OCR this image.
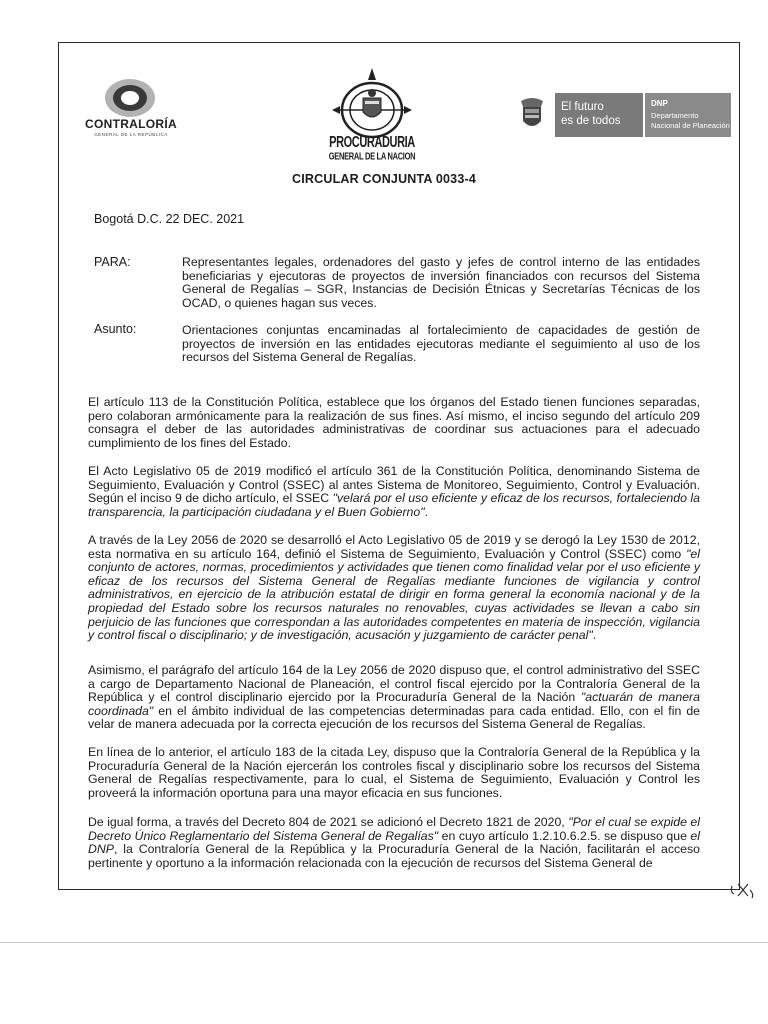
CONTRALORÍA
GENERAL DE LA REPÚBLICA
PROCURADURIA
GENERAL DE LA NACION
El futuro
es de todos
DNP
Departamento
Nacional de Planeación
CIRCULAR CONJUNTA 0033-4
Bogotá D.C. 22 DEC. 2021
PARA:	Representantes legales, ordenadores del gasto y jefes de control interno de las entidades beneficiarias y ejecutoras de proyectos de inversión financiados con recursos del Sistema General de Regalías – SGR, Instancias de Decisión Étnicas y Secretarías Técnicas de los OCAD, o quienes hagan sus veces.
Asunto:	Orientaciones conjuntas encaminadas al fortalecimiento de capacidades de gestión de proyectos de inversión en las entidades ejecutoras mediante el seguimiento al uso de los recursos del Sistema General de Regalías.
El artículo 113 de la Constitución Política, establece que los órganos del Estado tienen funciones separadas, pero colaboran armónicamente para la realización de sus fines. Así mismo, el inciso segundo del artículo 209 consagra el deber de las autoridades administrativas de coordinar sus actuaciones para el adecuado cumplimiento de los fines del Estado.
El Acto Legislativo 05 de 2019 modificó el artículo 361 de la Constitución Política, denominando Sistema de Seguimiento, Evaluación y Control (SSEC) al antes Sistema de Monitoreo, Seguimiento, Control y Evaluación. Según el inciso 9 de dicho artículo, el SSEC "velará por el uso eficiente y eficaz de los recursos, fortaleciendo la transparencia, la participación ciudadana y el Buen Gobierno".
A través de la Ley 2056 de 2020 se desarrolló el Acto Legislativo 05 de 2019 y se derogó la Ley 1530 de 2012, esta normativa en su artículo 164, definió el Sistema de Seguimiento, Evaluación y Control (SSEC) como "el conjunto de actores, normas, procedimientos y actividades que tienen como finalidad velar por el uso eficiente y eficaz de los recursos del Sistema General de Regalías mediante funciones de vigilancia y control administrativos, en ejercicio de la atribución estatal de dirigir en forma general la economía nacional y de la propiedad del Estado sobre los recursos naturales no renovables, cuyas actividades se llevan a cabo sin perjuicio de las funciones que correspondan a las autoridades competentes en materia de inspección, vigilancia y control fiscal o disciplinario; y de investigación, acusación y juzgamiento de carácter penal".
Asimismo, el parágrafo del artículo 164 de la Ley 2056 de 2020 dispuso que, el control administrativo del SSEC a cargo de Departamento Nacional de Planeación, el control fiscal ejercido por la Contraloría General de la República y el control disciplinario ejercido por la Procuraduría General de la Nación "actuarán de manera coordinada" en el ámbito individual de las competencias determinadas para cada entidad. Ello, con el fin de velar de manera adecuada por la correcta ejecución de los recursos del Sistema General de Regalías.
En línea de lo anterior, el artículo 183 de la citada Ley, dispuso que la Contraloría General de la República y la Procuraduría General de la Nación ejercerán los controles fiscal y disciplinario sobre los recursos del Sistema General de Regalías respectivamente, para lo cual, el Sistema de Seguimiento, Evaluación y Control les proveerá la información oportuna para una mayor eficacia en sus funciones.
De igual forma, a través del Decreto 804 de 2021 se adicionó el Decreto 1821 de 2020, "Por el cual se expide el Decreto Único Reglamentario del Sistema General de Regalías" en cuyo artículo 1.2.10.6.2.5. se dispuso que el DNP, la Contraloría General de la República y la Procuraduría General de la Nación, facilitarán el acceso pertinente y oportuno a la información relacionada con la ejecución de recursos del Sistema General de
